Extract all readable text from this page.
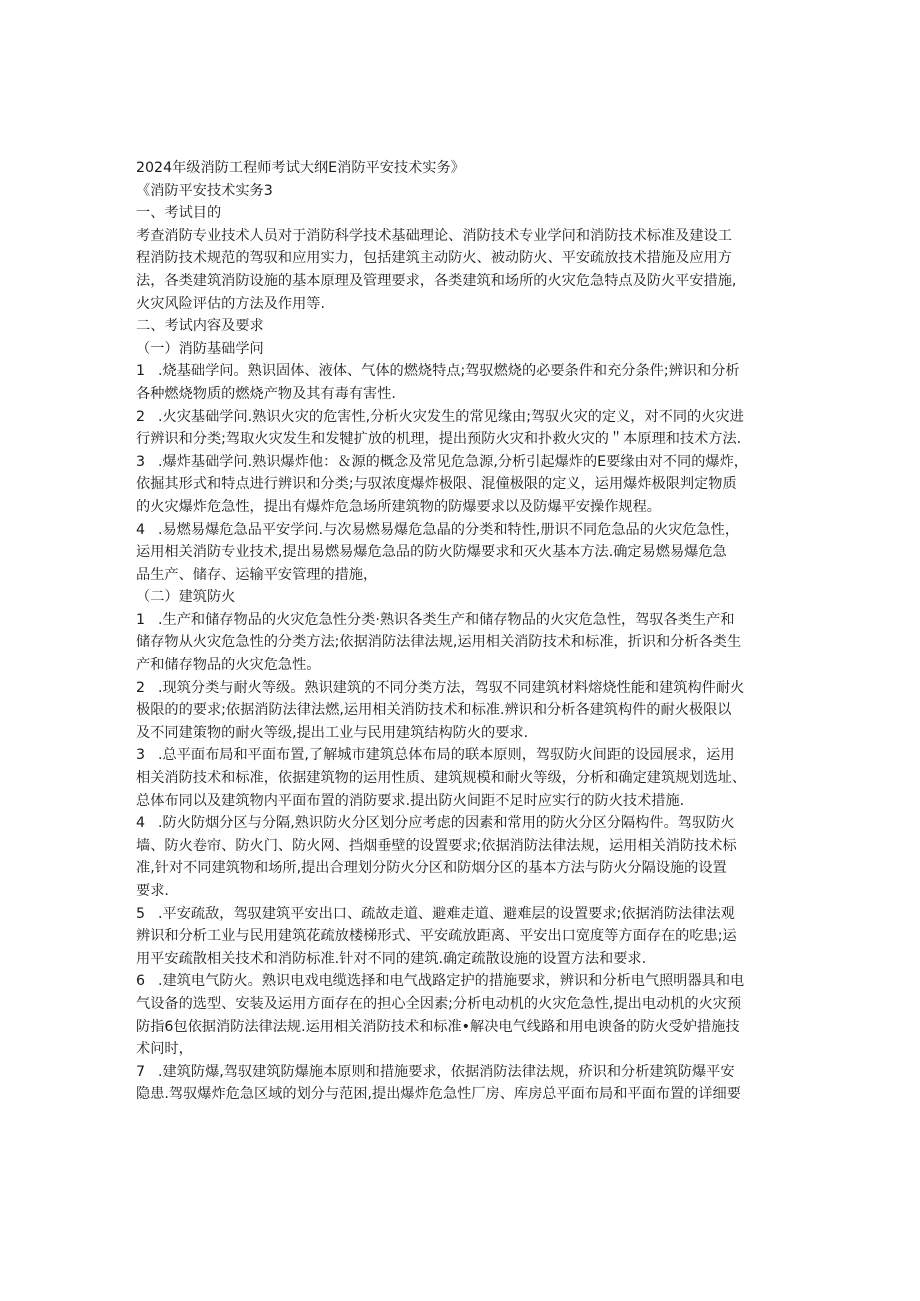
2024年级消防工程师考试大纲E消防平安技术实务》
《消防平安技术实务3
一、考试目的
考查消防专业技术人员对于消防科学技术基础理论、消防技术专业学问和消防技术标准及建设工
程消防技术规范的驾驭和应用实力，包括建筑主动防火、被动防火、平安疏放技术措施及应用方
法，各类建筑消防设施的基本原理及管理要求，各类建筑和场所的火灾危急特点及防火平安措施,
火灾风险评估的方法及作用等.
二、考试内容及要求
（一）消防基础学问
1 .烧基础学问。熟识固体、液体、气体的燃烧特点;驾驭燃烧的必要条件和充分条件;辨识和分析
各种燃烧物质的燃烧产物及其有毒有害性.
2 .火灾基础学问.熟识火灾的危害性,分析火灾发生的常见缘由;驾驭火灾的定义，对不同的火灾进
行辨识和分类;驾取火灾发生和发犍扩放的机理，提出预防火灾和扑救火灾的＂本原理和技术方法.
3 .爆炸基础学问.熟识爆炸他：＆源的概念及常见危急源,分析引起爆炸的E要缘由对不同的爆炸，
依掘其形式和特点进行辨识和分类;与驭浓度爆炸极限、混僮极限的定义，运用爆炸极限判定物质
的火灾爆炸危急性，提出有爆炸危急场所建筑物的防爆要求以及防爆平安操作规程。
4 .易燃易爆危急品平安学问.与次易燃易爆危急晶的分类和特性,册识不同危急品的火灾危急性，
运用相关消防专业技术,提出易燃易爆危急品的防火防爆要求和灭火基本方法.确定易燃易爆危急
品生产、储存、运输平安管理的措施，
（二）建筑防火
1 .生产和储存物品的火灾危急性分类·熟识各类生产和储存物品的火灾危急性，驾驭各类生产和
储存物从火灾危急性的分类方法;依据消防法律法规,运用相关消防技术和标准，折识和分析各类生
产和储存物品的火灾危急性。
2 .现筑分类与耐火等级。熟识建筑的不同分类方法，驾驭不同建筑材料熔烧性能和建筑构件耐火
极限的的要求;依据消防法律法燃,运用相关消防技术和标准.辨识和分析各建筑构件的耐火极限以
及不同建策物的耐火等级,提出工业与民用建筑结构防火的要求.
3 .总平面布局和平面布置,了解城市建筑总体布局的联本原则，驾驭防火间距的设园展求，运用
相关消防技术和标准，依据建筑物的运用性质、建筑规模和耐火等级，分析和确定建筑规划选址、
总体布同以及建筑物内平面布置的消防要求.提出防火间距不足时应实行的防火技术措施.
4 .防火防烟分区与分隔,熟识防火分区划分应考虑的因素和常用的防火分区分隔构件。驾驭防火
墙、防火卷帘、防火门、防火网、挡烟垂壁的设置要求;依据消防法律法规，运用相关消防技术标
准,针对不同建筑物和场所,提出合理划分防火分区和防烟分区的基本方法与防火分隔设施的设置
要求.
5 .平安疏敌，驾驭建筑平安出口、疏故走道、避难走道、避难层的设置要求;依据消防法律法观
辨识和分析工业与民用建筑花疏放楼梯形式、平安疏放距离、平安出口宽度等方面存在的吃患;运
用平安疏散相关技术和消防标准.针对不同的建筑.确定疏散设施的设置方法和要求.
6 .建筑电气防火。熟识电戏电缆选择和电气战路定护的措施要求，辨识和分析电气照明器具和电
气设备的选型、安装及运用方面存在的担心全因素;分析电动机的火灾危急性,提出电动机的火灾预
防指6包依据消防法律法规.运用相关消防技术和标准•解决电气线路和用电谀备的防火受妒措施技
术问时，
7 .建筑防爆,驾驭建筑防爆施本原则和措施要求，依据消防法律法规，疥识和分析建筑防爆平安
隐患.驾驭爆炸危急区域的划分与范困,提出爆炸危急性厂房、库房总平面布局和平面布置的详细要
